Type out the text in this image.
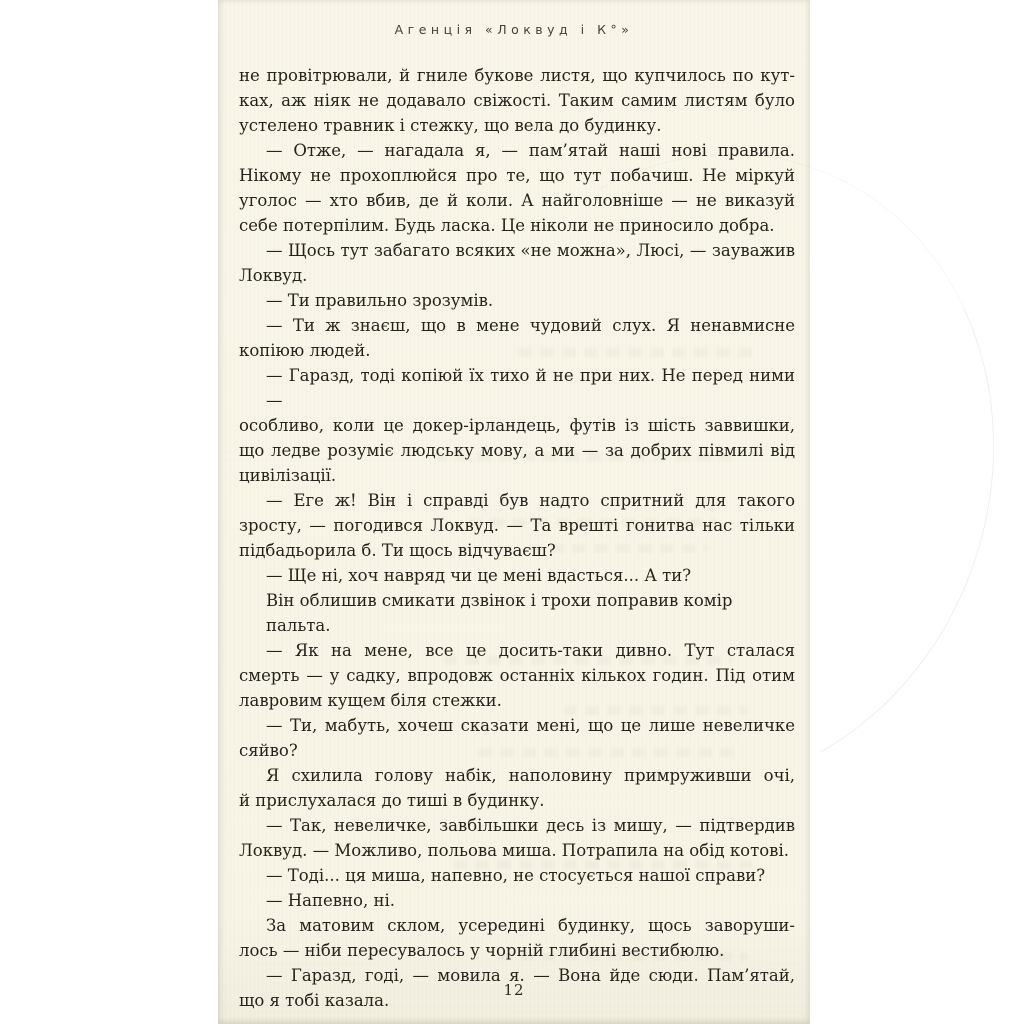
Агенція «Локвуд і К°»
не провітрювали, й гниле букове листя, що купчилось по кут-
ках, аж ніяк не додавало свіжості. Таким самим листям було
устелено травник і стежку, що вела до будинку.
— Отже, — нагадала я, — пам’ятай наші нові правила.
Нікому не прохоплюйся про те, що тут побачиш. Не міркуй
уголос — хто вбив, де й коли. А найголовніше — не виказуй
себе потерпілим. Будь ласка. Це ніколи не приносило добра.
— Щось тут забагато всяких «не можна», Люсі, — зауважив
Локвуд.
— Ти правильно зрозумів.
— Ти ж знаєш, що в мене чудовий слух. Я ненавмисне
копіюю людей.
— Гаразд, тоді копіюй їх тихо й не при них. Не перед ними —
особливо, коли це докер-ірландець, футів із шість заввишки,
що ледве розуміє людську мову, а ми — за добрих півмилі від
цивілізації.
— Еге ж! Він і справді був надто спритний для такого
зросту, — погодився Локвуд. — Та врешті гонитва нас тільки
підбадьорила б. Ти щось відчуваєш?
— Ще ні, хоч навряд чи це мені вдасться... А ти?
Він облишив смикати дзвінок і трохи поправив комір пальта.
— Як на мене, все це досить-таки дивно. Тут сталася
смерть — у садку, впродовж останніх кількох годин. Під отим
лавровим кущем біля стежки.
— Ти, мабуть, хочеш сказати мені, що це лише невеличке
сяйво?
Я схилила голову набік, наполовину примруживши очі,
й прислухалася до тиші в будинку.
— Так, невеличке, завбільшки десь із мишу, — підтвердив
Локвуд. — Можливо, польова миша. Потрапила на обід котові.
— Тоді... ця миша, напевно, не стосується нашої справи?
— Напевно, ні.
За матовим склом, усередині будинку, щось заворуши-
лось — ніби пересувалось у чорній глибині вестибюлю.
— Гаразд, годі, — мовила я. — Вона йде сюди. Пам’ятай,
що я тобі казала.
12
